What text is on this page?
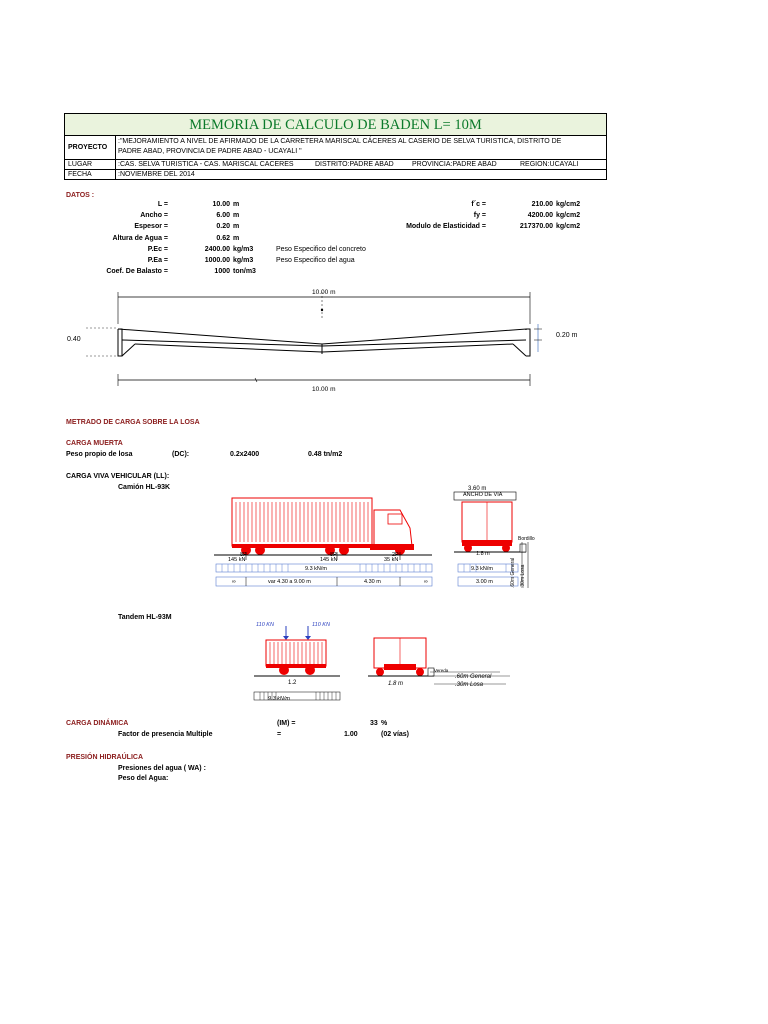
MEMORIA DE CALCULO DE BADEN L= 10M
PROYECTO
:"MEJORAMIENTO A NIVEL DE AFIRMADO DE LA CARRETERA MARISCAL CÁCERES AL CASERIO DE SELVA TURISTICA, DISTRITO DE
PADRE ABAD, PROVINCIA DE PADRE ABAD - UCAYALI "
LUGAR	:CAS. SELVA TURISTICA - CAS. MARISCAL CACERES	DISTRITO:PADRE ABAD	PROVINCIA:PADRE ABAD	REGION:UCAYALI
FECHA	:NOVIEMBRE DEL 2014
DATOS :
L =	10.00 m
Ancho =	6.00 m
Espesor =	0.20 m
Altura de Agua =	0.62 m
P.Ec =	2400.00 kg/m3	Peso Especifico del concreto
P.Ea =	1000.00 kg/m3	Peso Especifico del agua
Coef. De Balasto =	1000 ton/m3
f´c =	210.00 kg/cm2
fy =	4200.00 kg/cm2
Modulo de Elasticidad =	217370.00 kg/cm2
10.00 m
10.00 m
0.40
0.20 m
METRADO DE CARGA SOBRE LA LOSA
CARGA MUERTA
Peso propio de losa	(DC):	0.2x2400	0.48 tn/m2
CARGA VIVA VEHICULAR (LL):
Camión HL-93K	3.60 m
8P
145 kN
8P
145 kN
2P
35 kN
9.3 kN/m
∞	var 4.30 a 9.00 m	4.30 m	∞
ANCHO DE VIA
1.8 m
Bordillo
9.3 kN/m
3.00 m	.60m General .30m Losa
Tandem HL-93M
110 KN	110 KN
1.2
9.3 kN/m
Vereda
1.8 m
.60m General
.30m Losa
CARGA DINÁMICA	(IM) =	33 %
Factor de presencia Multiple	=	1.00	(02 vías)
PRESIÓN HIDRAÚLICA
Presiones del agua ( WA) :
Peso del Agua:
